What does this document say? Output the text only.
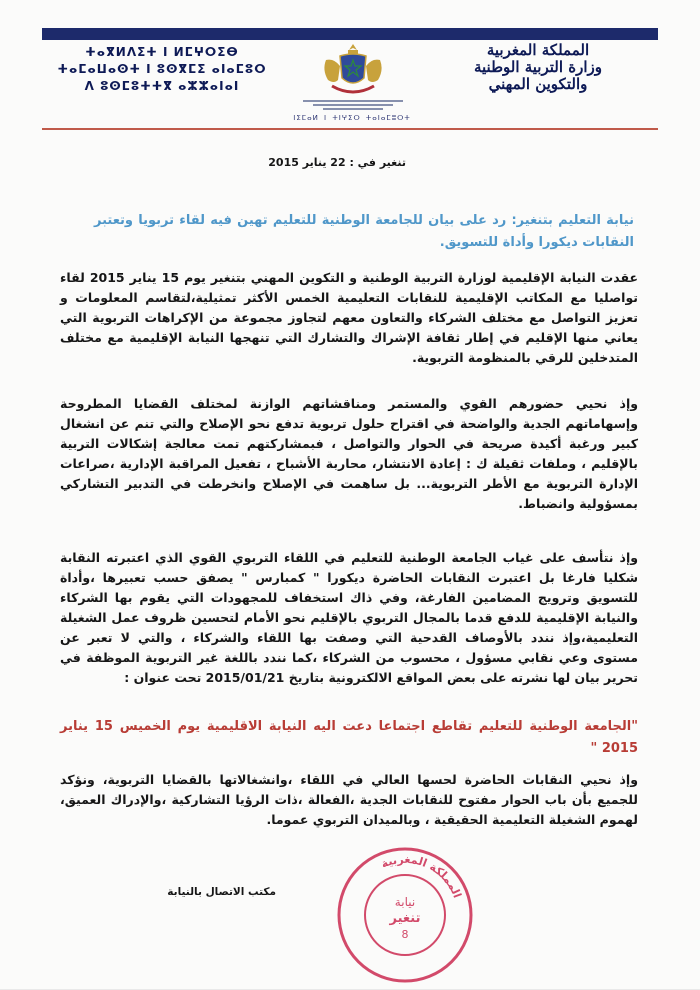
المملكة المغربية
وزارة التربية الوطنية
والتكوين المهني
ⵜⴰⴳⵍⴷⵉⵜ ⵏ ⵍⵎⵖⵔⵉⴱ
ⵜⴰⵎⴰⵡⴰⵙⵜ ⵏ ⵓⵙⴳⵎⵉ ⴰⵏⴰⵎⵓⵔ
ⴷ ⵓⵙⵎⵓⵜⵜⴳ ⴰⵣⵣⴰⵏⴰⵏ
ⵏⵉⵎⴰⵍ ⵏ ⵜⵏⵖⵉⵔ ⵜⴰⵏⴰⵎⵓⵔⵜ
تنغير في : 22 يناير 2015
نيابة التعليم بتنغير: رد على بيان للجامعة الوطنية للتعليم تهين فيه لقاء تربويا وتعتبر النقابات ديكورا وأداة للتسويق.
عقدت النيابة الإقليمية لوزارة التربية الوطنية و التكوين المهني بتنغير يوم 15 يناير 2015 لقاء تواصليا مع المكاتب الإقليمية للنقابات التعليمية الخمس الأكثر تمثيلية،لتقاسم المعلومات و تعزيز التواصل مع مختلف الشركاء والتعاون معهم لتجاوز مجموعة من الإكراهات التربوية التي يعاني منها الإقليم في إطار ثقافة الإشراك والتشارك التي تنهجها النيابة الإقليمية مع مختلف المتدخلين للرقي بالمنظومة التربوية.
وإذ نحيي حضورهم القوي والمستمر ومناقشاتهم الوازنة لمختلف القضايا المطروحة وإسهاماتهم الجدية والواضحة في اقتراح حلول تربوية تدفع نحو الإصلاح والتي تنم عن انشغال كبير ورغبة أكيدة صريحة في الحوار والتواصل ، فبمشاركتهم تمت معالجة إشكالات التربية بالإقليم ، وملفات ثقيلة ك : إعادة الانتشار، محاربة الأشباح ، تفعيل المراقبة الإدارية ،صراعات الإدارة التربوية مع الأطر التربوية... بل ساهمت في الإصلاح وانخرطت في التدبير التشاركي بمسؤولية وانضباط.
وإذ نتأسف على غياب الجامعة الوطنية للتعليم في اللقاء التربوي القوي الذي اعتبرته النقابة شكليا فارغا بل اعتبرت النقابات الحاضرة ديكورا " كمبارس " يصفق حسب تعبيرها ،وأداة للتسويق وترويج المضامين الفارغة، وفي ذاك استخفاف للمجهودات التي يقوم بها الشركاء والنيابة الإقليمية للدفع قدما بالمجال التربوي بالإقليم نحو الأمام لتحسين ظروف عمل الشغيلة التعليمية،وإذ نندد بالأوصاف القدحية التي وصفت بها اللقاء والشركاء ، والتي لا تعبر عن مستوى وعي نقابي مسؤول ، محسوب من الشركاء ،كما نندد باللغة غير التربوية الموظفة في تحرير بيان لها نشرته على بعض المواقع الالكترونية بتاريخ 2015/01/21 تحت عنوان :
"الجامعة الوطنية للتعليم تقاطع اجتماعا دعت اليه النيابة الاقليمية يوم الخميس 15 يناير 2015 "
وإذ نحيي النقابات الحاضرة لحسها العالي في اللقاء ،وانشغالاتها بالقضايا التربوية، ونؤكد للجميع بأن باب الحوار مفتوح للنقابات الجدية ،الفعالة ،ذات الرؤيا التشاركية ،والإدراك العميق، لهموم الشغيلة التعليمية الحقيقية ، وبالميدان التربوي عموما.
مكتب الاتصال بالنيابة
المملكة المغربية
نيابة
تنغير
8
